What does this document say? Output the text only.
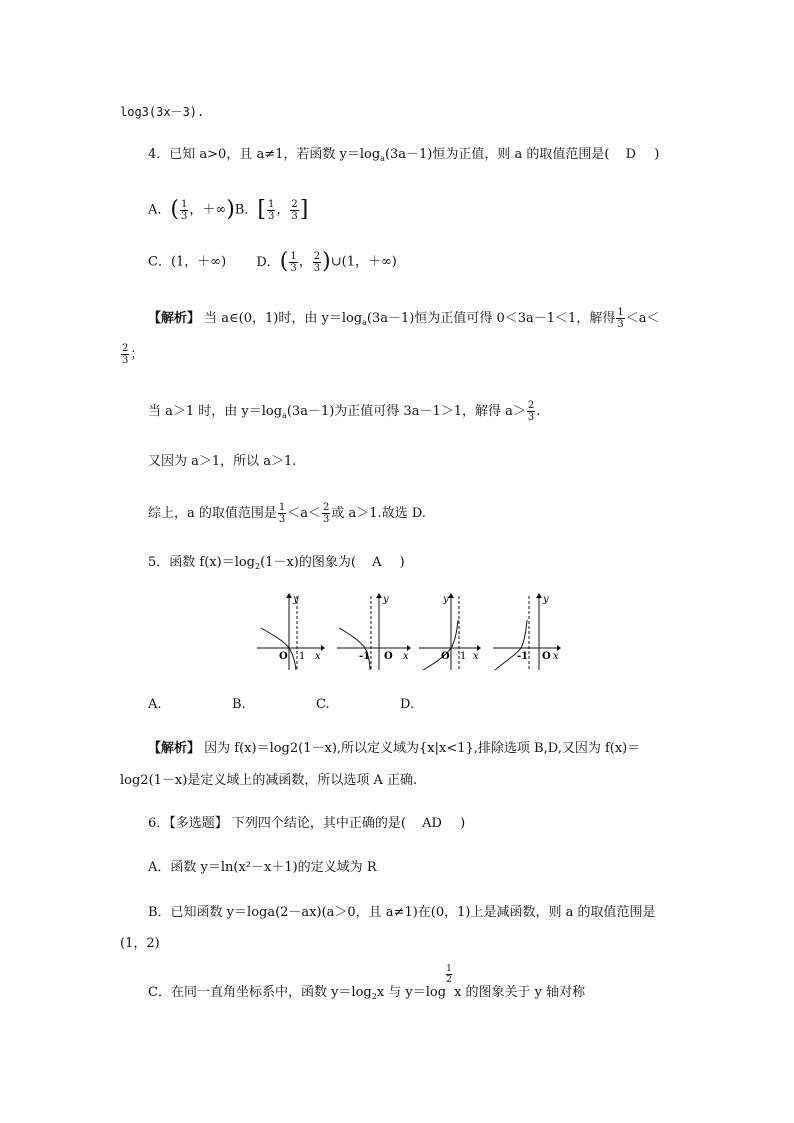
log3(3x－3).
4．已知 a>0，且 a≠1，若函数 $y=\log_a(3a-1)$恒为正值，则 a 的取值范围是( D )
A．( $\frac{1}{3}$ ，＋∞)B．[ $\frac{1}{3}$ ， $\frac{2}{3}$ ]
C．(1，＋∞) D．( $\frac{1}{3}$ ， $\frac{2}{3}$ )∪(1，＋∞)
【解析】 当 a∈(0，1)时，由 $y=\log_a(3a-1)$恒为正值可得 0＜3a－1＜1，解得 $\frac{1}{3} <a<$
$\frac{2}{3}$ ；
当 a＞1 时，由 $y=\log_a(3a-1)$为正值可得 3a－1＞1，解得 $a> \frac{2}{3}$ .
又因为 a＞1，所以 a＞1.
综上，a 的取值范围是 $\frac{1}{3} <a< \frac{2}{3}$ 或 a＞1.故选 D.
5．函数 $f(x)=\log_2(1-x)$的图象为( A )
y
x
O 1
y
x
-1 O
y
x
O 1
y
x
-1 O
A.	B.	C.	D.
【解析】 因为 f(x)＝log2(1－x),所以定义域为{x|x<1},排除选项 B,D,又因为 f(x)＝
log2(1－x)是定义域上的减函数，所以选项 A 正确.
6．【多选题】 下列四个结论，其中正确的是( AD )
A．函数 y＝ln(x²－x＋1)的定义域为 R
B．已知函数 y＝loga(2－ax)(a＞0，且 a≠1)在(0，1)上是减函数，则 a 的取值范围是
(1，2)
C．在同一直角坐标系中，函数 $y=\log_2x$ 与 y＝log
1
2
x 的图象关于 y 轴对称
